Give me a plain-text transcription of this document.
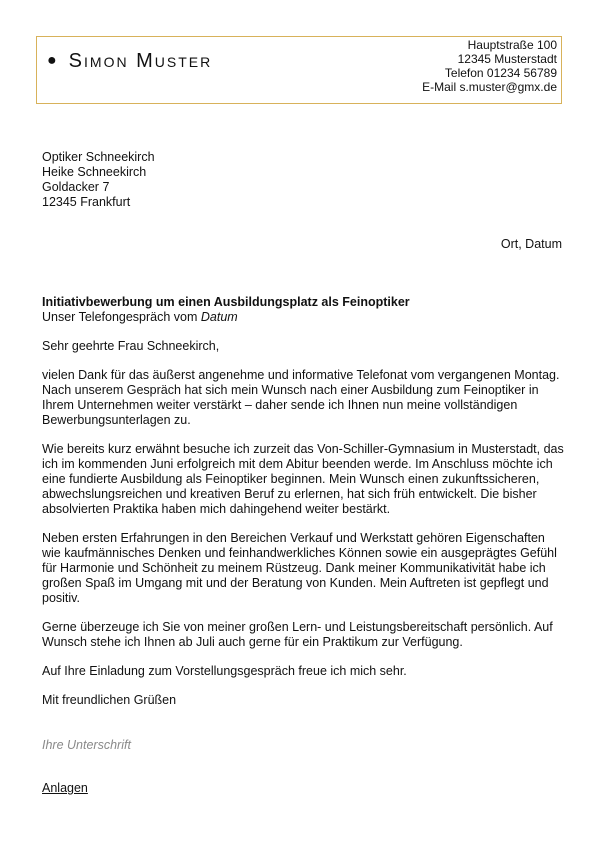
● Simon Muster
Hauptstraße 100
12345 Musterstadt
Telefon 01234 56789
E-Mail s.muster@gmx.de
Optiker Schneekirch
Heike Schneekirch
Goldacker 7
12345 Frankfurt
Ort, Datum
Initiativbewerbung um einen Ausbildungsplatz als Feinoptiker
Unser Telefongespräch vom Datum

Sehr geehrte Frau Schneekirch,

vielen Dank für das äußerst angenehme und informative Telefonat vom vergangenen Montag. Nach unserem Gespräch hat sich mein Wunsch nach einer Ausbildung zum Feinoptiker in Ihrem Unternehmen weiter verstärkt – daher sende ich Ihnen nun meine vollständigen Bewerbungsunterlagen zu.

Wie bereits kurz erwähnt besuche ich zurzeit das Von-Schiller-Gymnasium in Musterstadt, das ich im kommenden Juni erfolgreich mit dem Abitur beenden werde. Im Anschluss möchte ich eine fundierte Ausbildung als Feinoptiker beginnen. Mein Wunsch einen zukunftssicheren, abwechslungsreichen und kreativen Beruf zu erlernen, hat sich früh entwickelt. Die bisher absolvierten Praktika haben mich dahingehend weiter bestärkt.

Neben ersten Erfahrungen in den Bereichen Verkauf und Werkstatt gehören Eigenschaften wie kaufmännisches Denken und feinhandwerkliches Können sowie ein ausgeprägtes Gefühl für Harmonie und Schönheit zu meinem Rüstzeug. Dank meiner Kommunikativität habe ich großen Spaß im Umgang mit und der Beratung von Kunden. Mein Auftreten ist gepflegt und positiv.

Gerne überzeuge ich Sie von meiner großen Lern- und Leistungsbereitschaft persönlich. Auf Wunsch stehe ich Ihnen ab Juli auch gerne für ein Praktikum zur Verfügung.

Auf Ihre Einladung zum Vorstellungsgespräch freue ich mich sehr.

Mit freundlichen Grüßen

Ihre Unterschrift

Anlagen
